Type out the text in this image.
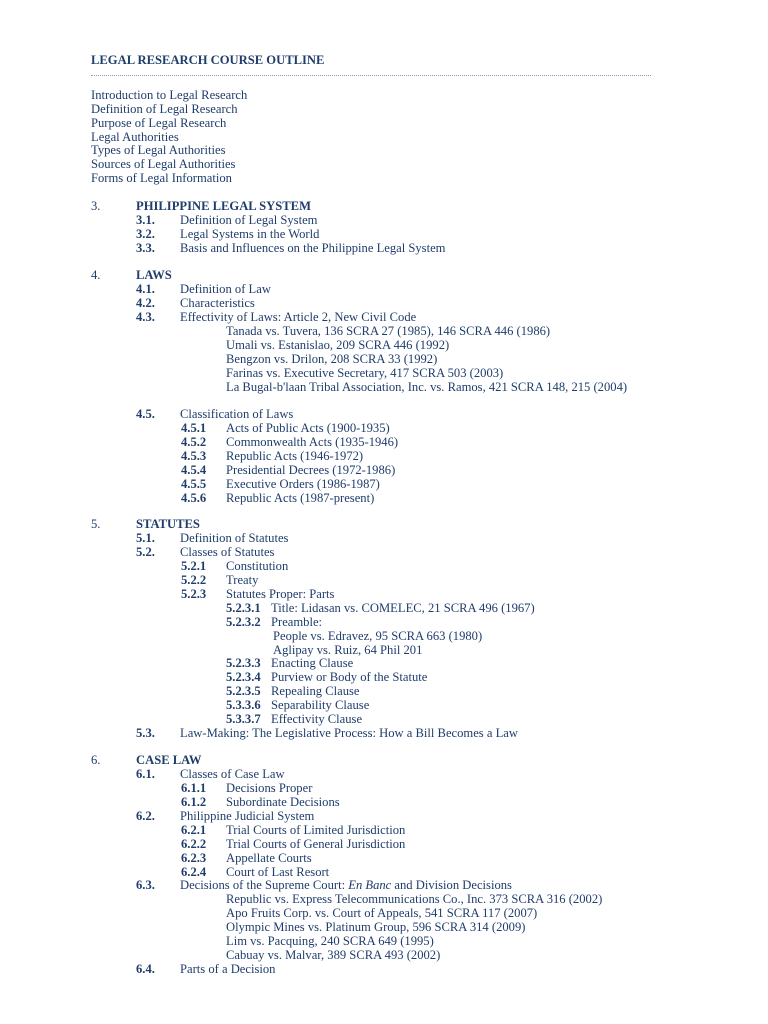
LEGAL RESEARCH COURSE OUTLINE
Introduction to Legal Research
Definition of Legal Research
Purpose of Legal Research
Legal Authorities
Types of Legal Authorities
Sources of Legal Authorities
Forms of Legal Information
3.	PHILIPPINE LEGAL SYSTEM
3.1. Definition of Legal System
3.2. Legal Systems in the World
3.3. Basis and Influences on the Philippine Legal System
4.	LAWS
4.1. Definition of Law
4.2. Characteristics
4.3. Effectivity of Laws: Article 2, New Civil Code
Tanada vs. Tuvera, 136 SCRA 27 (1985), 146 SCRA 446 (1986)
Umali vs. Estanislao, 209 SCRA 446 (1992)
Bengzon vs. Drilon, 208 SCRA 33 (1992)
Farinas vs. Executive Secretary, 417 SCRA 503 (2003)
La Bugal-b'laan Tribal Association, Inc. vs. Ramos, 421 SCRA 148, 215 (2004)
4.5. Classification of Laws
4.5.1 Acts of Public Acts (1900-1935)
4.5.2 Commonwealth Acts (1935-1946)
4.5.3 Republic Acts (1946-1972)
4.5.4 Presidential Decrees (1972-1986)
4.5.5 Executive Orders (1986-1987)
4.5.6 Republic Acts (1987-present)
5.	STATUTES
5.1. Definition of Statutes
5.2. Classes of Statutes
5.2.1 Constitution
5.2.2 Treaty
5.2.3 Statutes Proper: Parts
5.2.3.1 Title: Lidasan vs. COMELEC, 21 SCRA 496 (1967)
5.2.3.2 Preamble:
People vs. Edravez, 95 SCRA 663 (1980)
Aglipay vs. Ruiz, 64 Phil 201
5.2.3.3 Enacting Clause
5.2.3.4 Purview or Body of the Statute
5.2.3.5 Repealing Clause
5.3.3.6 Separability Clause
5.3.3.7 Effectivity Clause
5.3. Law-Making: The Legislative Process: How a Bill Becomes a Law
6.	CASE LAW
6.1. Classes of Case Law
6.1.1 Decisions Proper
6.1.2 Subordinate Decisions
6.2. Philippine Judicial System
6.2.1 Trial Courts of Limited Jurisdiction
6.2.2 Trial Courts of General Jurisdiction
6.2.3 Appellate Courts
6.2.4 Court of Last Resort
6.3. Decisions of the Supreme Court: En Banc and Division Decisions
Republic vs. Express Telecommunications Co., Inc. 373 SCRA 316 (2002)
Apo Fruits Corp. vs. Court of Appeals, 541 SCRA 117 (2007)
Olympic Mines vs. Platinum Group, 596 SCRA 314 (2009)
Lim vs. Pacquing, 240 SCRA 649 (1995)
Cabuay vs. Malvar, 389 SCRA 493 (2002)
6.4. Parts of a Decision
